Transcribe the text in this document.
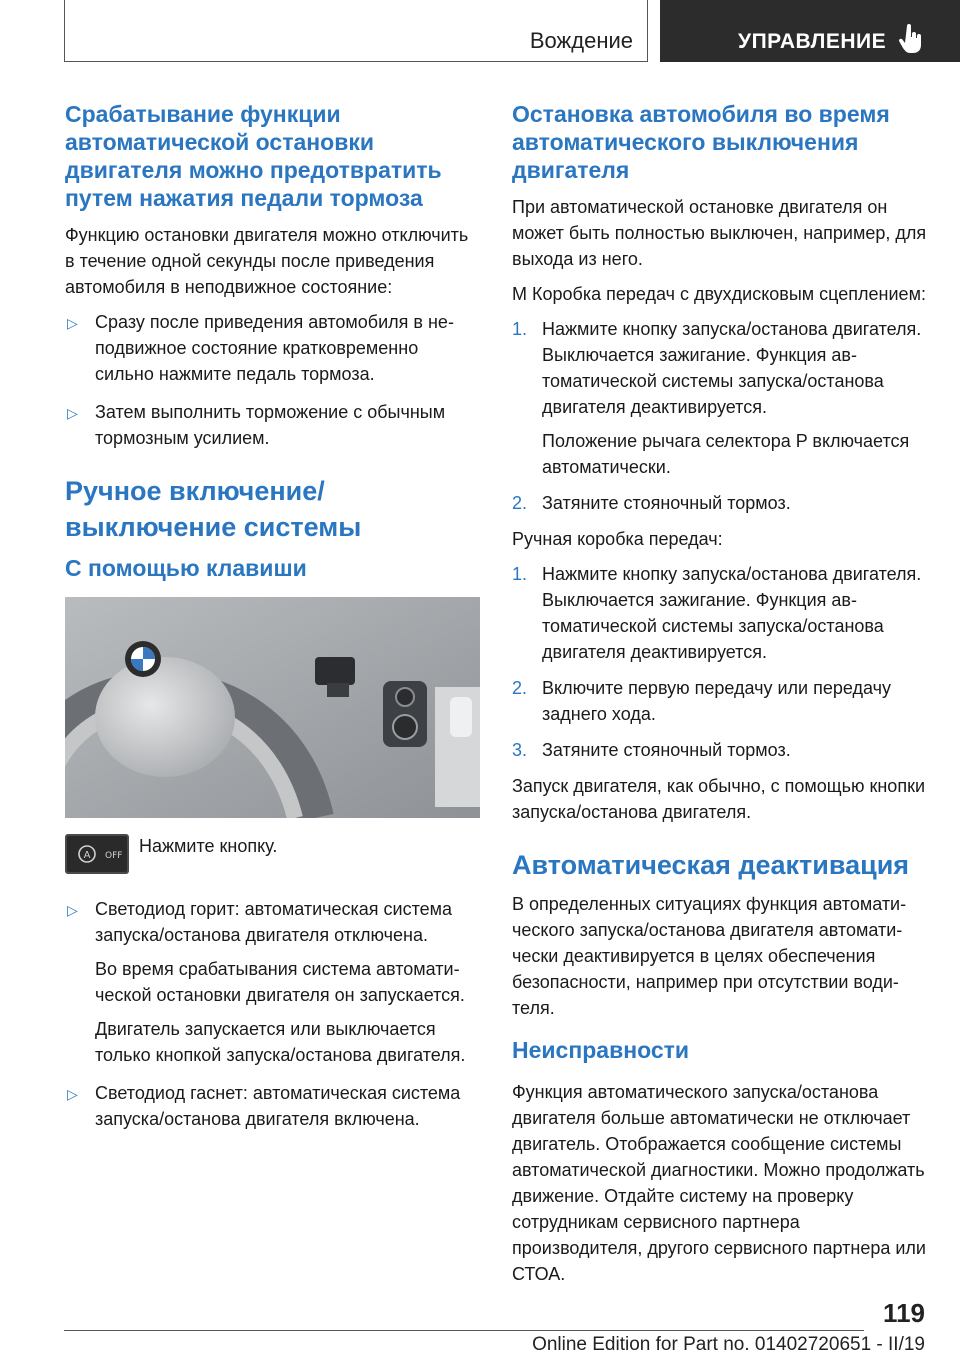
Вождение	УПРАВЛЕНИЕ
Срабатывание функции автоматической остановки двигателя можно предотвратить путем нажатия педали тормоза

Функцию остановки двигателя можно отключить в течение одной секунды после приведения автомобиля в неподвижное состояние:

▷ Сразу после приведения автомобиля в неподвижное состояние кратковременно сильно нажмите педаль тормоза.
▷ Затем выполнить торможение с обычным тормозным усилием.
Ручное включение/выключение системы
С помощью клавиши
A OFF Нажмите кнопку.
▷ Светодиод горит: автоматическая система запуска/останова двигателя отключена.

Во время срабатывания система автоматической остановки двигателя он запускается.

Двигатель запускается или выключается только кнопкой запуска/останова двигателя.

▷ Светодиод гаснет: автоматическая система запуска/останова двигателя включена.
Остановка автомобиля во время автоматического выключения двигателя

При автоматической остановке двигателя он может быть полностью выключен, например, для выхода из него.

M Коробка передач с двухдисковым сцеплением:

1. Нажмите кнопку запуска/останова двигателя. Выключается зажигание. Функция автоматической системы запуска/останова двигателя деактивируется.

Положение рычага селектора P включается автоматически.

2. Затяните стояночный тормоз.

Ручная коробка передач:

1. Нажмите кнопку запуска/останова двигателя. Выключается зажигание. Функция автоматической системы запуска/останова двигателя деактивируется.

2. Включите первую передачу или передачу заднего хода.

3. Затяните стояночный тормоз.

Запуск двигателя, как обычно, с помощью кнопки запуска/останова двигателя.

Автоматическая деактивация

В определенных ситуациях функция автоматического запуска/останова двигателя автоматически деактивируется в целях обеспечения безопасности, например при отсутствии водителя.

Неисправности

Функция автоматического запуска/останова двигателя больше автоматически не отключает двигатель. Отображается сообщение системы автоматической диагностики. Можно продолжать движение. Отдайте систему на проверку сотрудникам сервисного партнера производителя, другого сервисного партнера или СТОА.

119
Online Edition for Part no. 01402720651 - II/19
